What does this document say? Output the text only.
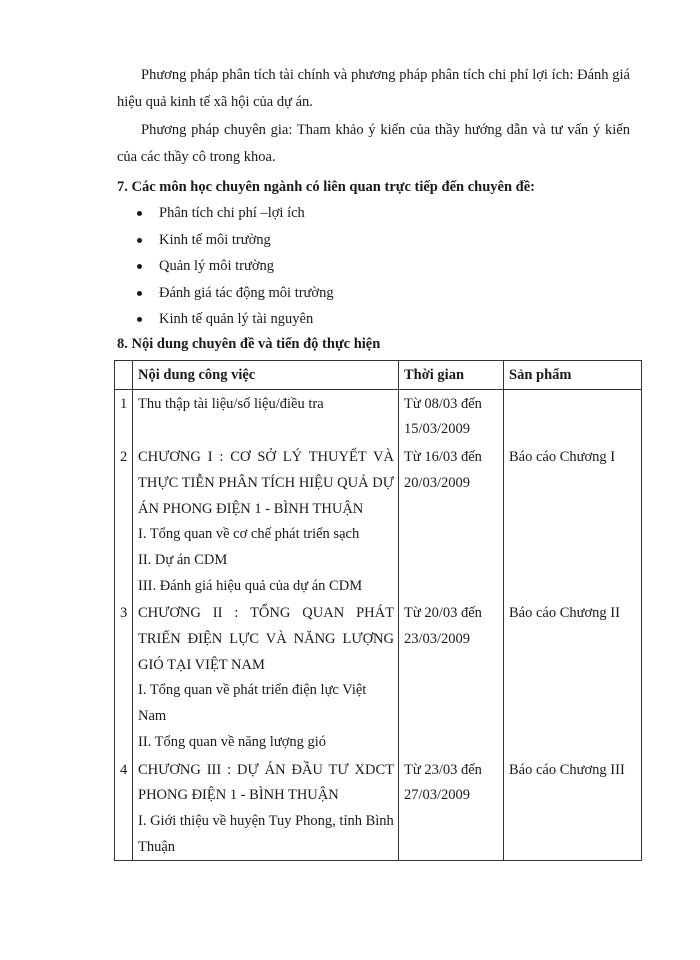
Phương pháp phân tích tài chính và phương pháp phân tích chi phí lợi ích: Đánh giá hiệu quả kinh tế xã hội của dự án.

Phương pháp chuyên gia: Tham khảo ý kiến của thầy hướng dẫn và tư vấn ý kiến của các thầy cô trong khoa.

7. Các môn học chuyên ngành có liên quan trực tiếp đến chuyên đề:

Phân tích chi phí –lợi ích
Kinh tế môi trường
Quản lý môi trường
Đánh giá tác động môi trường
Kinh tế quản lý tài nguyên

8. Nội dung chuyên đề và tiến độ thực hiện

	Nội dung công việc	Thời gian	Sản phẩm
1	Thu thập tài liệu/số liệu/điều tra	Từ 08/03 đến 15/03/2009	
2	CHƯƠNG I : CƠ SỞ LÝ THUYẾT VÀ THỰC TIỄN PHÂN TÍCH HIỆU QUẢ DỰ ÁN PHONG ĐIỆN 1 - BÌNH THUẬN
I. Tổng quan về cơ chế phát triển sạch
II. Dự án CDM
III. Đánh giá hiệu quả của dự án CDM	Từ 16/03 đến 20/03/2009	Báo cáo Chương I
3	CHƯƠNG II : TỔNG QUAN PHÁT TRIỂN ĐIỆN LỰC VÀ NĂNG LƯỢNG GIÓ TẠI VIỆT NAM
I. Tổng quan về phát triển điện lực Việt Nam
II. Tổng quan về năng lượng gió	Từ 20/03 đến 23/03/2009	Báo cáo Chương II
4	CHƯƠNG III : DỰ ÁN ĐẦU TƯ XDCT PHONG ĐIỆN 1 - BÌNH THUẬN
I. Giới thiệu về huyện Tuy Phong, tỉnh Bình Thuận	Từ 23/03 đến 27/03/2009	Báo cáo Chương III
